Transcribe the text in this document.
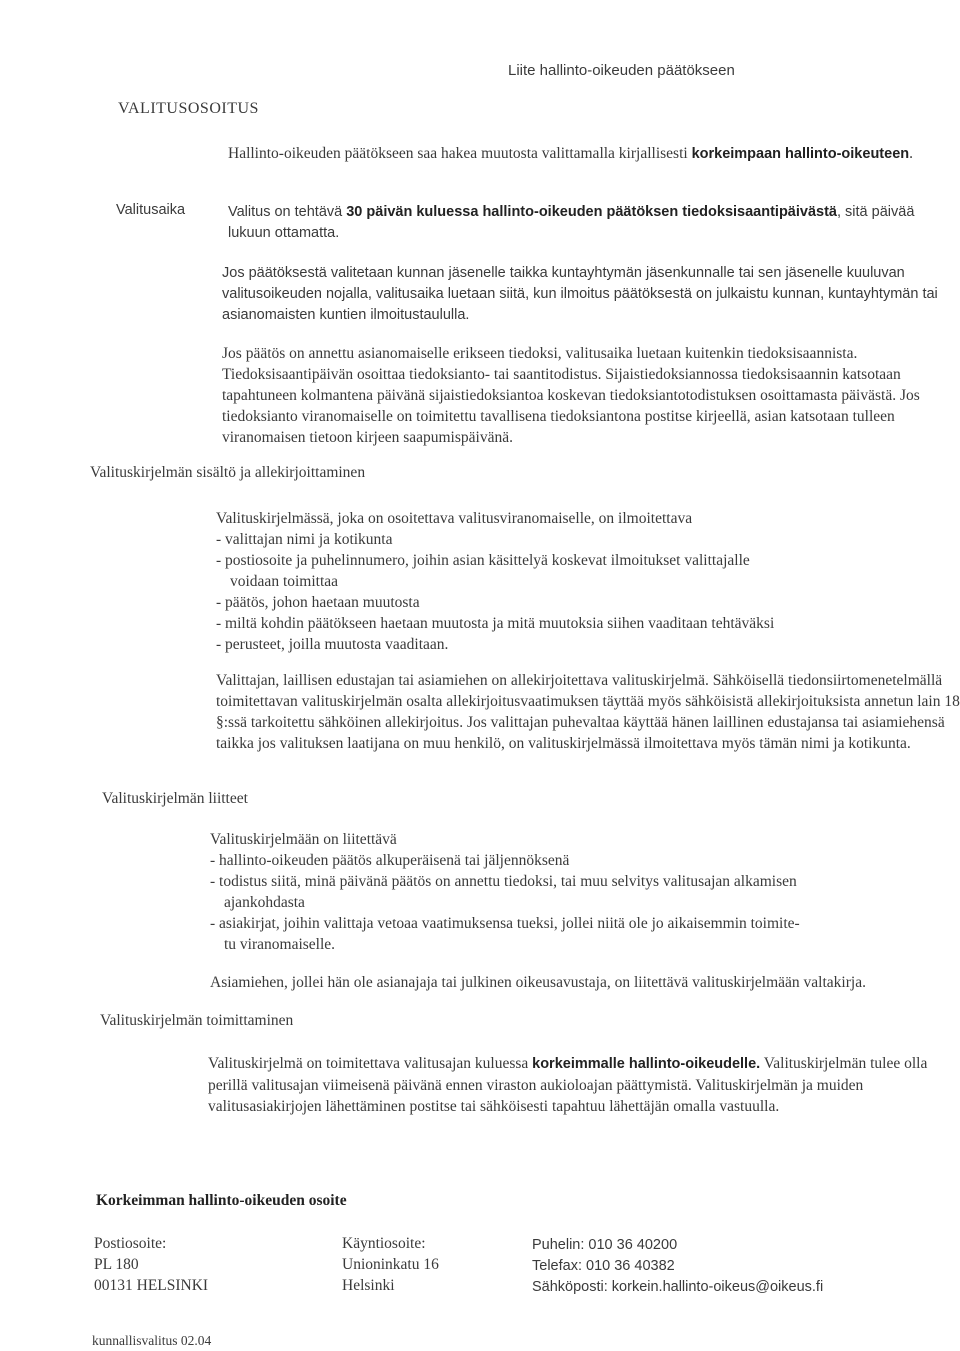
Liite hallinto-oikeuden päätökseen

VALITUSOSOITUS

Hallinto-oikeuden päätökseen saa hakea muutosta valittamalla kirjallisesti korkeimpaan hallinto-oikeuteen.

Valitusaika	Valitus on tehtävä 30 päivän kuluessa hallinto-oikeuden päätöksen tiedoksisaantipäivästä, sitä päivää lukuun ottamatta.

Jos päätöksestä valitetaan kunnan jäsenelle taikka kuntayhtymän jäsenkunnalle tai sen jäsenelle kuuluvan valitusoikeuden nojalla, valitusaika luetaan siitä, kun ilmoitus päätöksestä on julkaistu kunnan, kuntayhtymän tai asianomaisten kuntien ilmoitustaululla.

Jos päätös on annettu asianomaiselle erikseen tiedoksi, valitusaika luetaan kuitenkin tiedoksisaannista. Tiedoksisaantipäivän osoittaa tiedoksianto- tai saantitodistus. Sijaistiedoksiannossa tiedoksisaannin katsotaan tapahtuneen kolmantena päivänä sijaistiedoksiantoa koskevan tiedoksiantotodistuksen osoittamasta päivästä. Jos tiedoksianto viranomaiselle on toimitettu tavallisena tiedoksiantona postitse kirjeellä, asian katsotaan tulleen viranomaisen tietoon kirjeen saapumispäivänä.

Valituskirjelmän sisältö ja allekirjoittaminen

Valituskirjelmässä, joka on osoitettava valitusviranomaiselle, on ilmoitettava
- valittajan nimi ja kotikunta
- postiosoite ja puhelinnumero, joihin asian käsittelyä koskevat ilmoitukset valittajalle
voidaan toimittaa
- päätös, johon haetaan muutosta
- miltä kohdin päätökseen haetaan muutosta ja mitä muutoksia siihen vaaditaan tehtäväksi
- perusteet, joilla muutosta vaaditaan.

Valittajan, laillisen edustajan tai asiamiehen on allekirjoitettava valituskirjelmä. Sähköisellä tiedonsiirtomenetelmällä toimitettavan valituskirjelmän osalta allekirjoitusvaatimuksen täyttää myös sähköisistä allekirjoituksista annetun lain 18 §:ssä tarkoitettu sähköinen allekirjoitus. Jos valittajan puhevaltaa käyttää hänen laillinen edustajansa tai asiamiehensä taikka jos valituksen laatijana on muu henkilö, on valituskirjelmässä ilmoitettava myös tämän nimi ja kotikunta.

Valituskirjelmän liitteet

Valituskirjelmään on liitettävä
- hallinto-oikeuden päätös alkuperäisenä tai jäljennöksenä
- todistus siitä, minä päivänä päätös on annettu tiedoksi, tai muu selvitys valitusajan alkamisen
ajankohdasta
- asiakirjat, joihin valittaja vetoaa vaatimuksensa tueksi, jollei niitä ole jo aikaisemmin toimite-
tu viranomaiselle.

Asiamiehen, jollei hän ole asianajaja tai julkinen oikeusavustaja, on liitettävä valituskirjelmään valtakirja.

Valituskirjelmän toimittaminen

Valituskirjelmä on toimitettava valitusajan kuluessa korkeimmalle hallinto-oikeudelle. Valituskirjelmän tulee olla perillä valitusajan viimeisenä päivänä ennen viraston aukioloajan päättymistä. Valituskirjelmän ja muiden valitusasiakirjojen lähettäminen postitse tai sähköisesti tapahtuu lähettäjän omalla vastuulla.

Korkeimman hallinto-oikeuden osoite

Postiosoite:
PL 180
00131 HELSINKI
Käyntiosoite:
Unioninkatu 16
Helsinki
Puhelin: 010 36 40200
Telefax: 010 36 40382
Sähköposti: korkein.hallinto-oikeus@oikeus.fi

kunnallisvalitus 02.04
